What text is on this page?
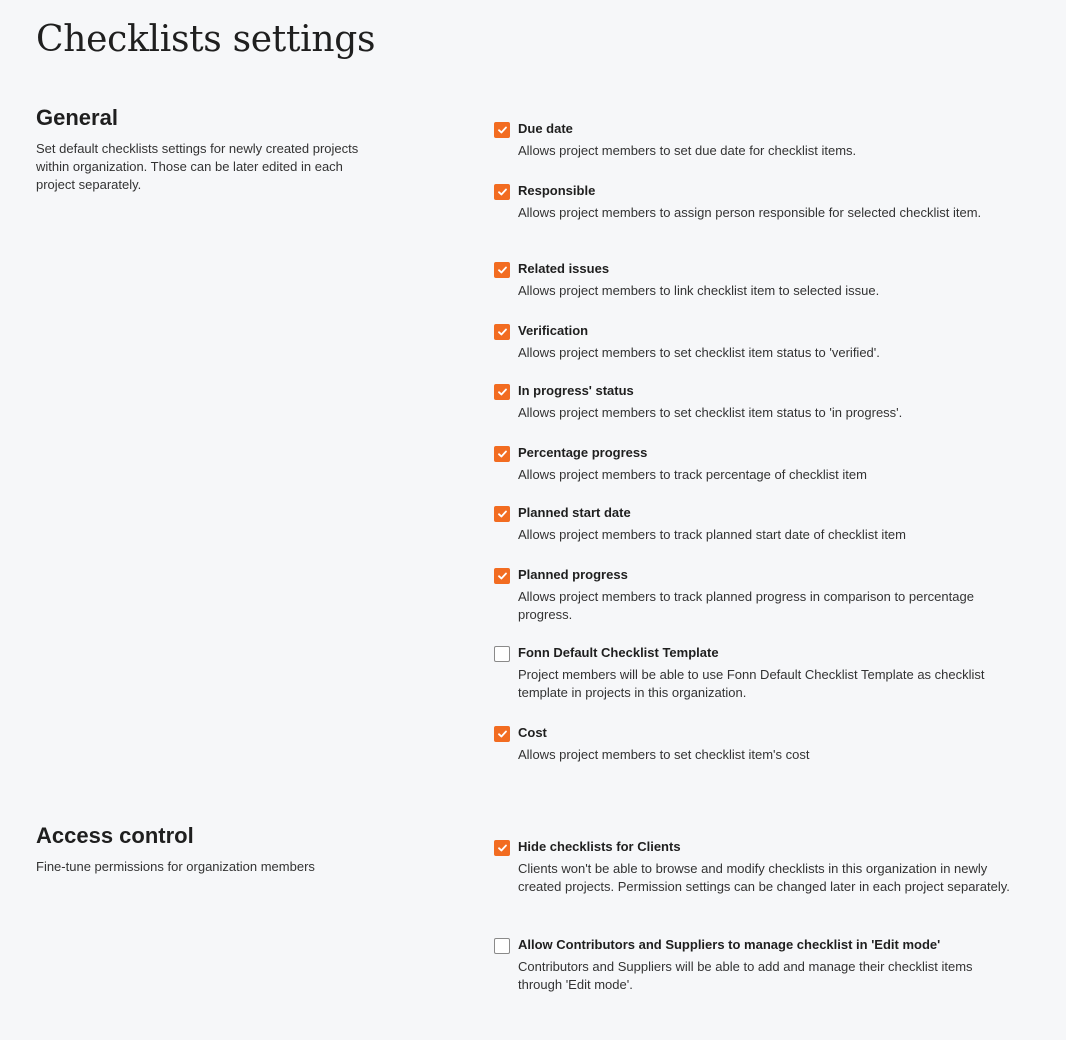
Checklists settings
General

Set default checklists settings for newly created projects within organization. Those can be later edited in each project separately.

Due date
Allows project members to set due date for checklist items.
Responsible
Allows project members to assign person responsible for selected checklist item.
Related issues
Allows project members to link checklist item to selected issue.
Verification
Allows project members to set checklist item status to 'verified'.
In progress' status
Allows project members to set checklist item status to 'in progress'.
Percentage progress
Allows project members to track percentage of checklist item
Planned start date
Allows project members to track planned start date of checklist item
Planned progress
Allows project members to track planned progress in comparison to percentage progress.
Fonn Default Checklist Template
Project members will be able to use Fonn Default Checklist Template as checklist template in projects in this organization.
Cost
Allows project members to set checklist item's cost
Access control

Fine-tune permissions for organization members

Hide checklists for Clients
Clients won't be able to browse and modify checklists in this organization in newly created projects. Permission settings can be changed later in each project separately.
Allow Contributors and Suppliers to manage checklist in 'Edit mode'
Contributors and Suppliers will be able to add and manage their checklist items through 'Edit mode'.
